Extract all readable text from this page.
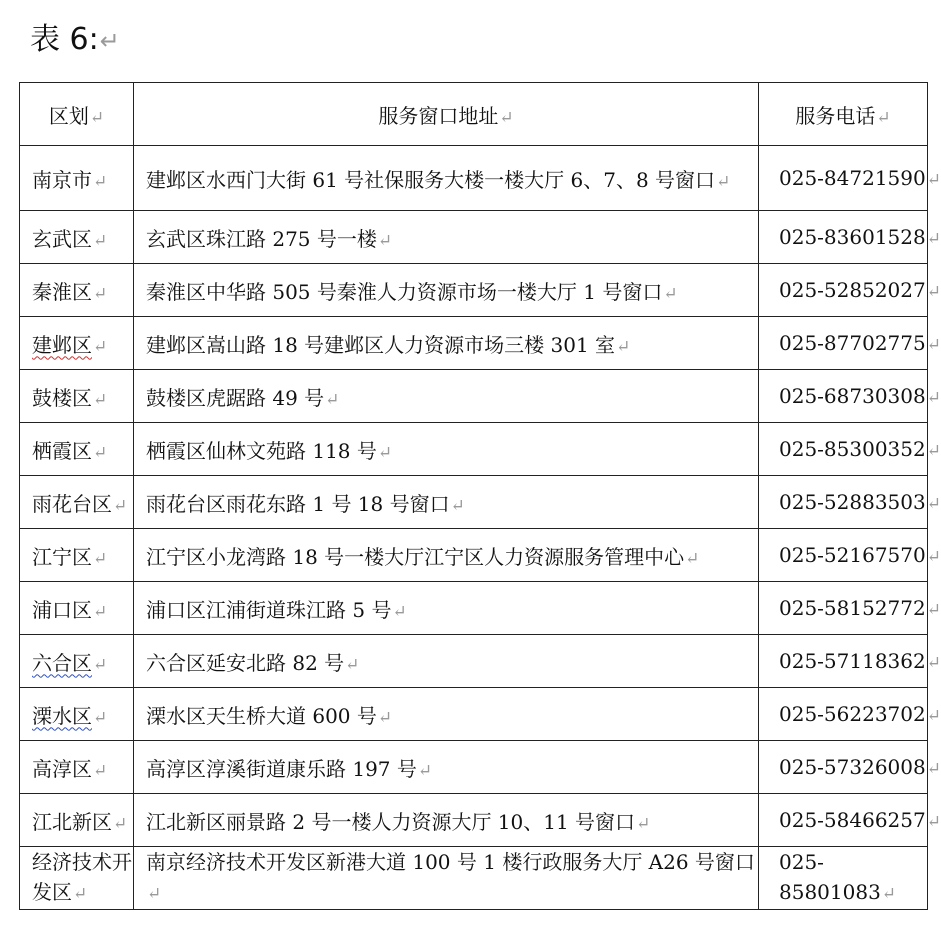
表 6:↵
区划↵	服务窗口地址↵	服务电话↵
南京市↵	建邺区水西门大街 61 号社保服务大楼一楼大厅 6、7、8 号窗口↵	025-84721590↵
玄武区↵	玄武区珠江路 275 号一楼↵	025-83601528↵
秦淮区↵	秦淮区中华路 505 号秦淮人力资源市场一楼大厅 1 号窗口↵	025-52852027↵
建邺区↵	建邺区嵩山路 18 号建邺区人力资源市场三楼 301 室↵	025-87702775↵
鼓楼区↵	鼓楼区虎踞路 49 号↵	025-68730308↵
栖霞区↵	栖霞区仙林文苑路 118 号↵	025-85300352↵
雨花台区↵	雨花台区雨花东路 1 号 18 号窗口↵	025-52883503↵
江宁区↵	江宁区小龙湾路 18 号一楼大厅江宁区人力资源服务管理中心↵	025-52167570↵
浦口区↵	浦口区江浦街道珠江路 5 号↵	025-58152772↵
六合区↵	六合区延安北路 82 号↵	025-57118362↵
溧水区↵	溧水区天生桥大道 600 号↵	025-56223702↵
高淳区↵	高淳区淳溪街道康乐路 197 号↵	025-57326008↵
江北新区↵	江北新区丽景路 2 号一楼人力资源大厅 10、11 号窗口↵	025-58466257↵
经济技术开发区↵	南京经济技术开发区新港大道 100 号 1 楼行政服务大厅 A26 号窗口↵	025-85801083↵
